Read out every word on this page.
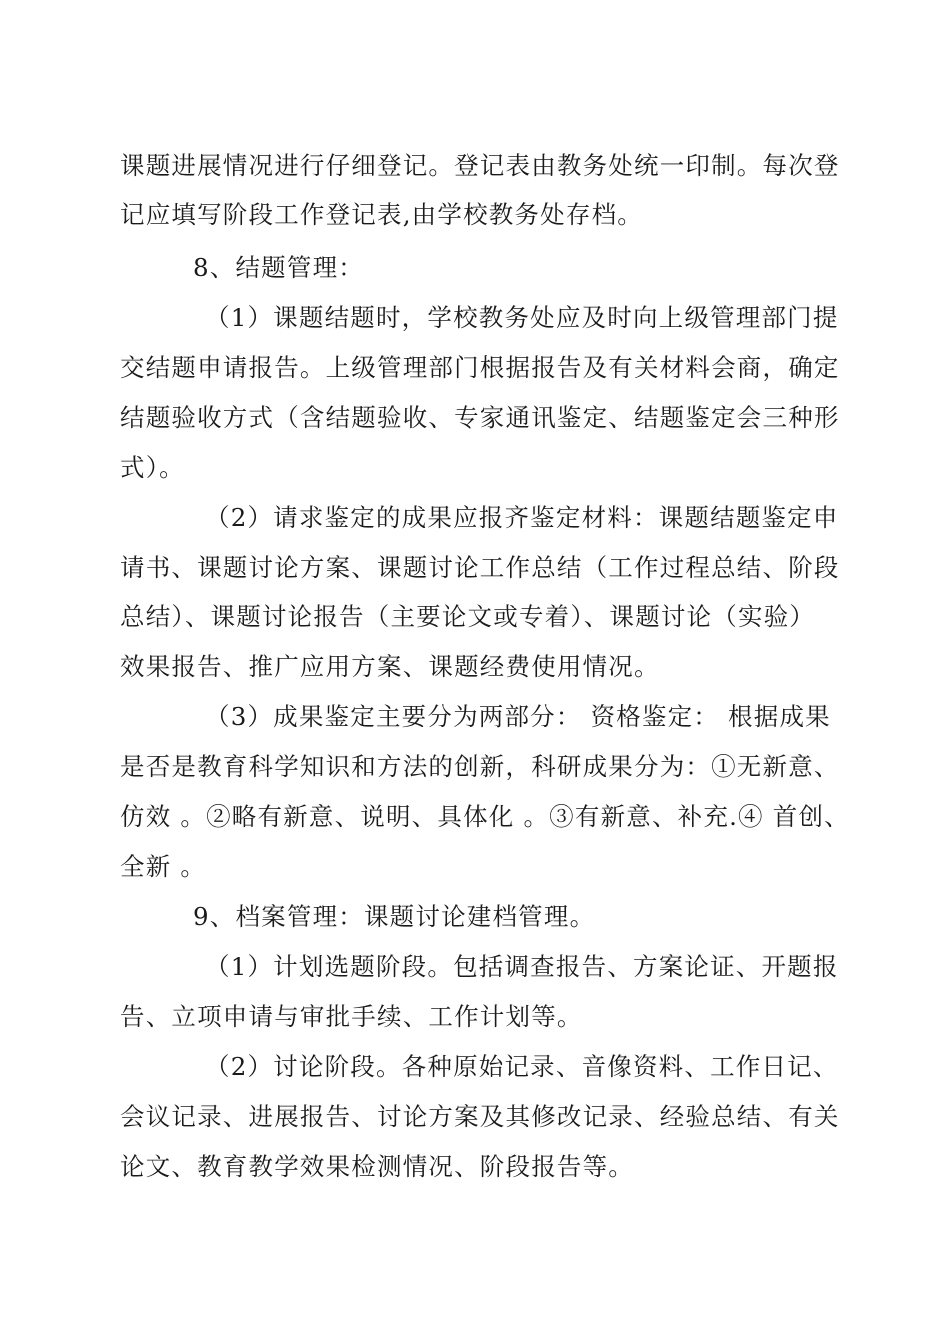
课题进展情况进行仔细登记。登记表由教务处统一印制。每次登
记应填写阶段工作登记表,由学校教务处存档。
8、结题管理：
（1）课题结题时，学校教务处应及时向上级管理部门提
交结题申请报告。上级管理部门根据报告及有关材料会商，确定
结题验收方式（含结题验收、专家通讯鉴定、结题鉴定会三种形
式）。
（2）请求鉴定的成果应报齐鉴定材料：课题结题鉴定申
请书、课题讨论方案、课题讨论工作总结（工作过程总结、阶段
总结）、课题讨论报告（主要论文或专着）、课题讨论（实验）
效果报告、推广应用方案、课题经费使用情况。
（3）成果鉴定主要分为两部分： 资格鉴定： 根据成果
是否是教育科学知识和方法的创新，科研成果分为：①无新意、
仿效 。②略有新意、说明、具体化 。③有新意、补充.④ 首创、
全新 。
9、档案管理：课题讨论建档管理。
（1）计划选题阶段。包括调查报告、方案论证、开题报
告、立项申请与审批手续、工作计划等。
（2）讨论阶段。各种原始记录、音像资料、工作日记、
会议记录、进展报告、讨论方案及其修改记录、经验总结、有关
论文、教育教学效果检测情况、阶段报告等。
